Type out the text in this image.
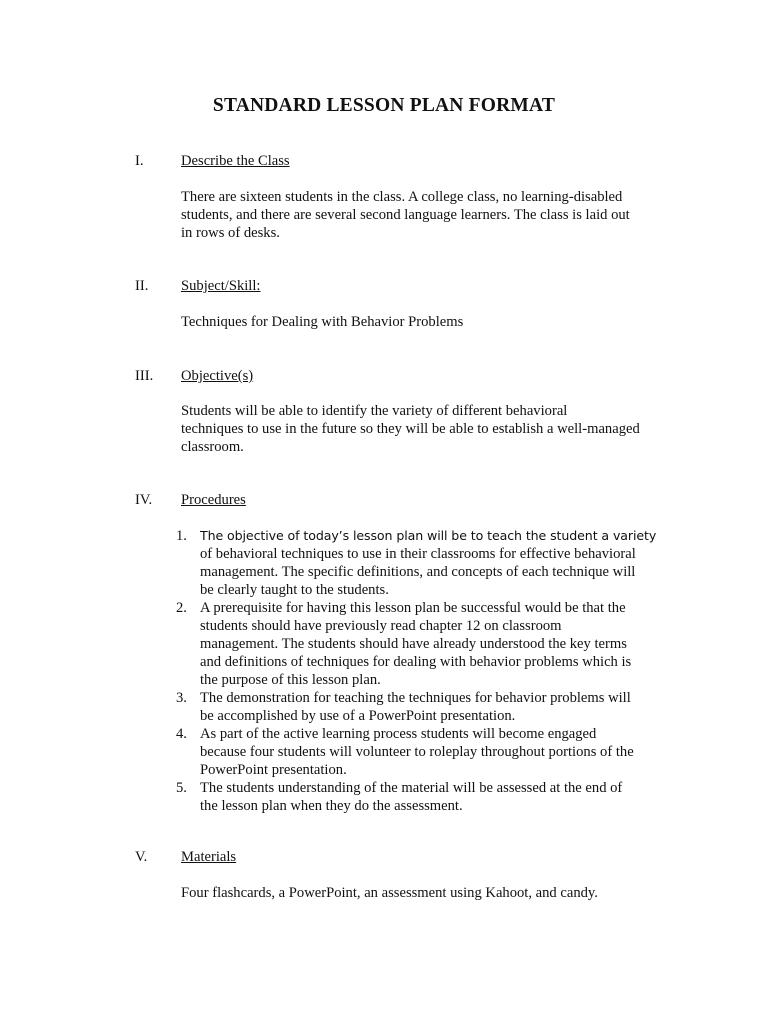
STANDARD LESSON PLAN FORMAT
I.	Describe the Class

There are sixteen students in the class. A college class, no learning-disabled
students, and there are several second language learners. The class is laid out
in rows of desks.

II. Subject/Skill:

Techniques for Dealing with Behavior Problems

III. Objective(s)

Students will be able to identify the variety of different behavioral
techniques to use in the future so they will be able to establish a well-managed
classroom.

IV. Procedures
1. The objective of today’s lesson plan will be to teach the student a variety
of behavioral techniques to use in their classrooms for effective behavioral
management. The specific definitions, and concepts of each technique will
be clearly taught to the students.
2. A prerequisite for having this lesson plan be successful would be that the
students should have previously read chapter 12 on classroom
management. The students should have already understood the key terms
and definitions of techniques for dealing with behavior problems which is
the purpose of this lesson plan.
3. The demonstration for teaching the techniques for behavior problems will
be accomplished by use of a PowerPoint presentation.
4. As part of the active learning process students will become engaged
because four students will volunteer to roleplay throughout portions of the
PowerPoint presentation.
5. The students understanding of the material will be assessed at the end of
the lesson plan when they do the assessment.
V. Materials

Four flashcards, a PowerPoint, an assessment using Kahoot, and candy.
